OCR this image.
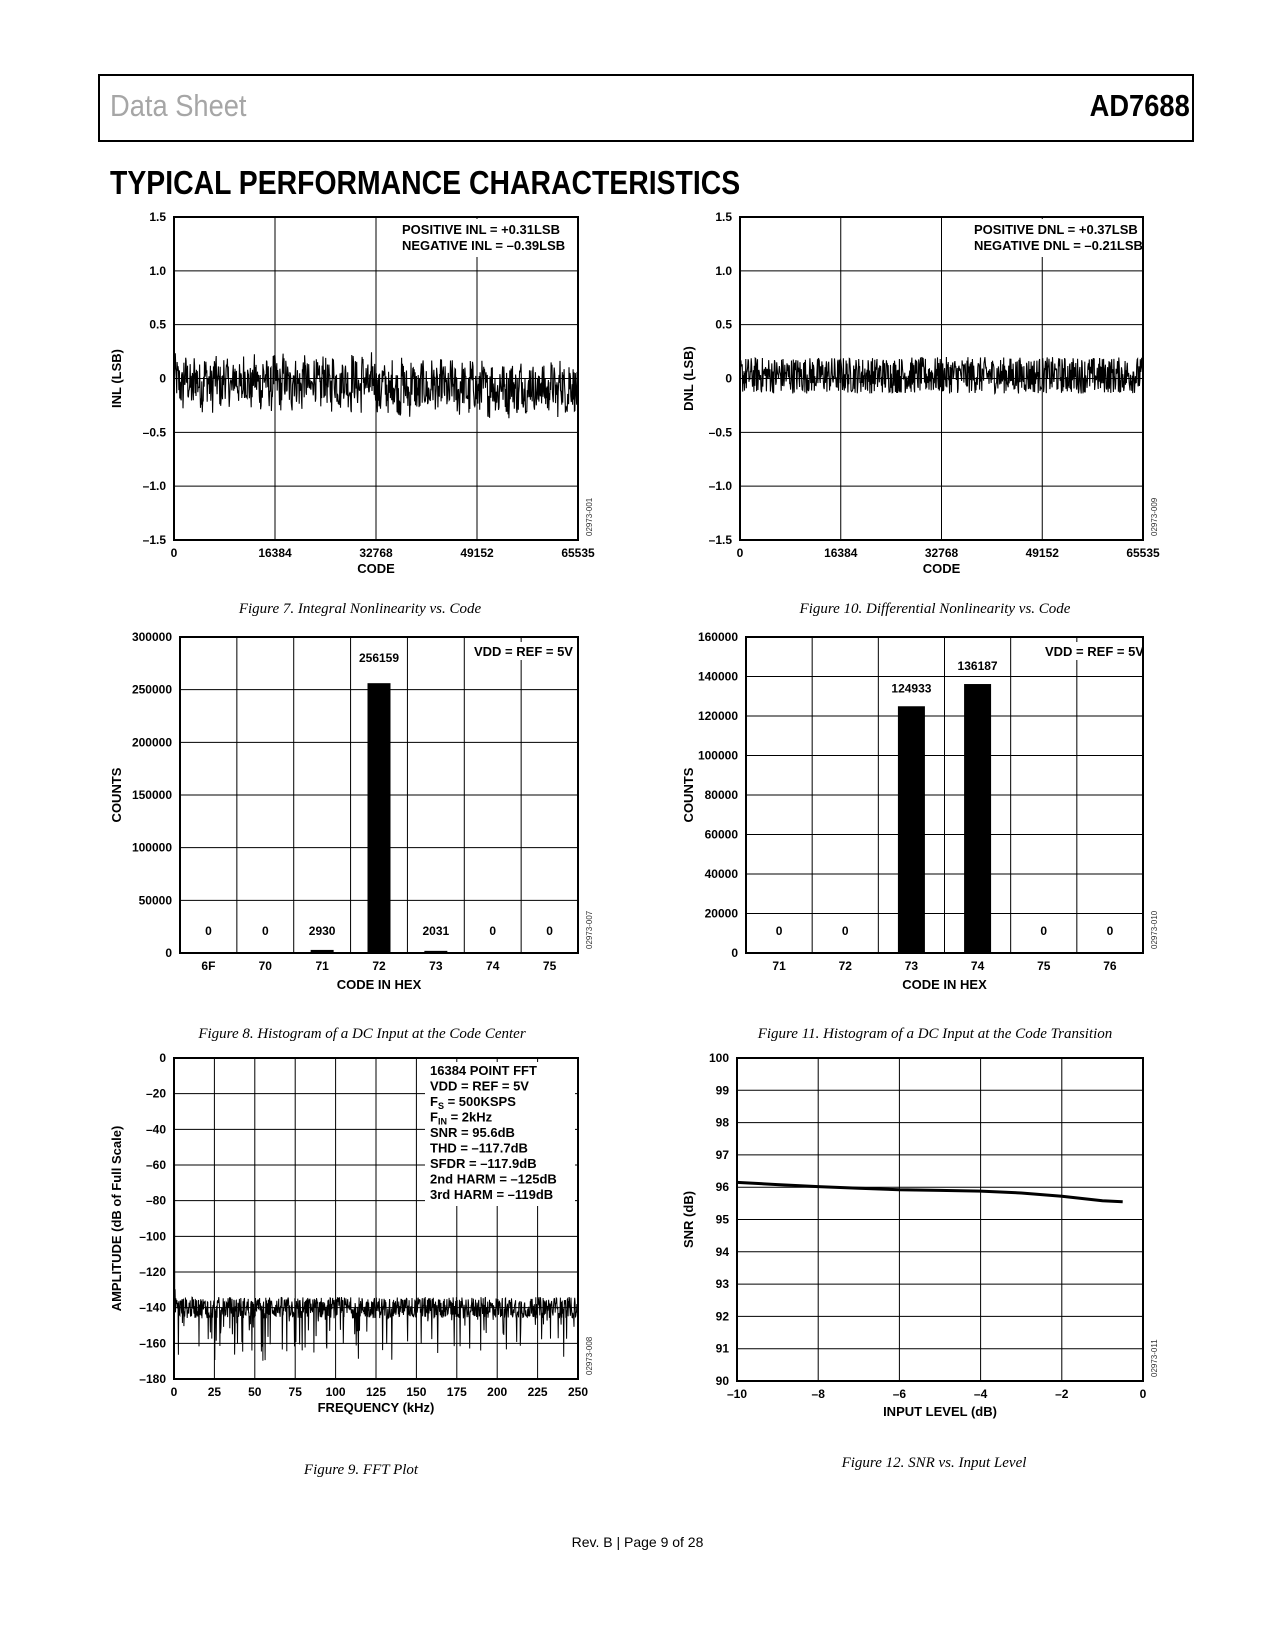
Data Sheet	AD7688
TYPICAL PERFORMANCE CHARACTERISTICS
–1.5
–1.0
–0.5
0
0.5
1.0
1.5
0	16384	32768	49152	65535
CODE
INL (LSB)
02973-001
POSITIVE INL = +0.31LSB
NEGATIVE INL = –0.39LSB
–1.5
–1.0
–0.5
0
0.5
1.0
1.5
0	16384	32768	49152	65535
CODE
DNL (LSB)
02973-009
POSITIVE DNL = +0.37LSB
NEGATIVE DNL = –0.21LSB
0
50000
100000
150000
200000
250000
300000
CODE IN HEX
COUNTS
02973-007
6F
0
70
0
71
2930
72
256159
73
2031
74
0
75
0
VDD = REF = 5V
0
20000
40000
60000
80000
100000
120000
140000
160000
CODE IN HEX
COUNTS
02973-010
71
0
72
0
73
124933
74
136187
75
0
76
0
VDD = REF = 5V
–180
–160
–140
–120
–100
–80
–60
–40
–20
0
0	25 50 75 100 125 150 175 200 225 250
FREQUENCY (kHz)
AMPLITUDE (dB of Full Scale)
02973-008
16384 POINT FFT
VDD = REF = 5V
$F_S$ = 500KSPS
$F_{IN} = 2kHz$
SNR = 95.6dB
THD = –117.7dB
SFDR = –117.9dB
2nd HARM = –125dB
3rd HARM = –119dB
90
91
92
93
94
95
96
97
98
99
100
–10	–8	–6	–4	–2	0
INPUT LEVEL (dB)
SNR (dB)
02973-011
Figure 7. Integral Nonlinearity vs. Code	Figure 10. Differential Nonlinearity vs. Code
Figure 8. Histogram of a DC Input at the Code Center	Figure 11. Histogram of a DC Input at the Code Transition
Figure 9. FFT Plot	Figure 12. SNR vs. Input Level
Rev. B | Page 9 of 28
